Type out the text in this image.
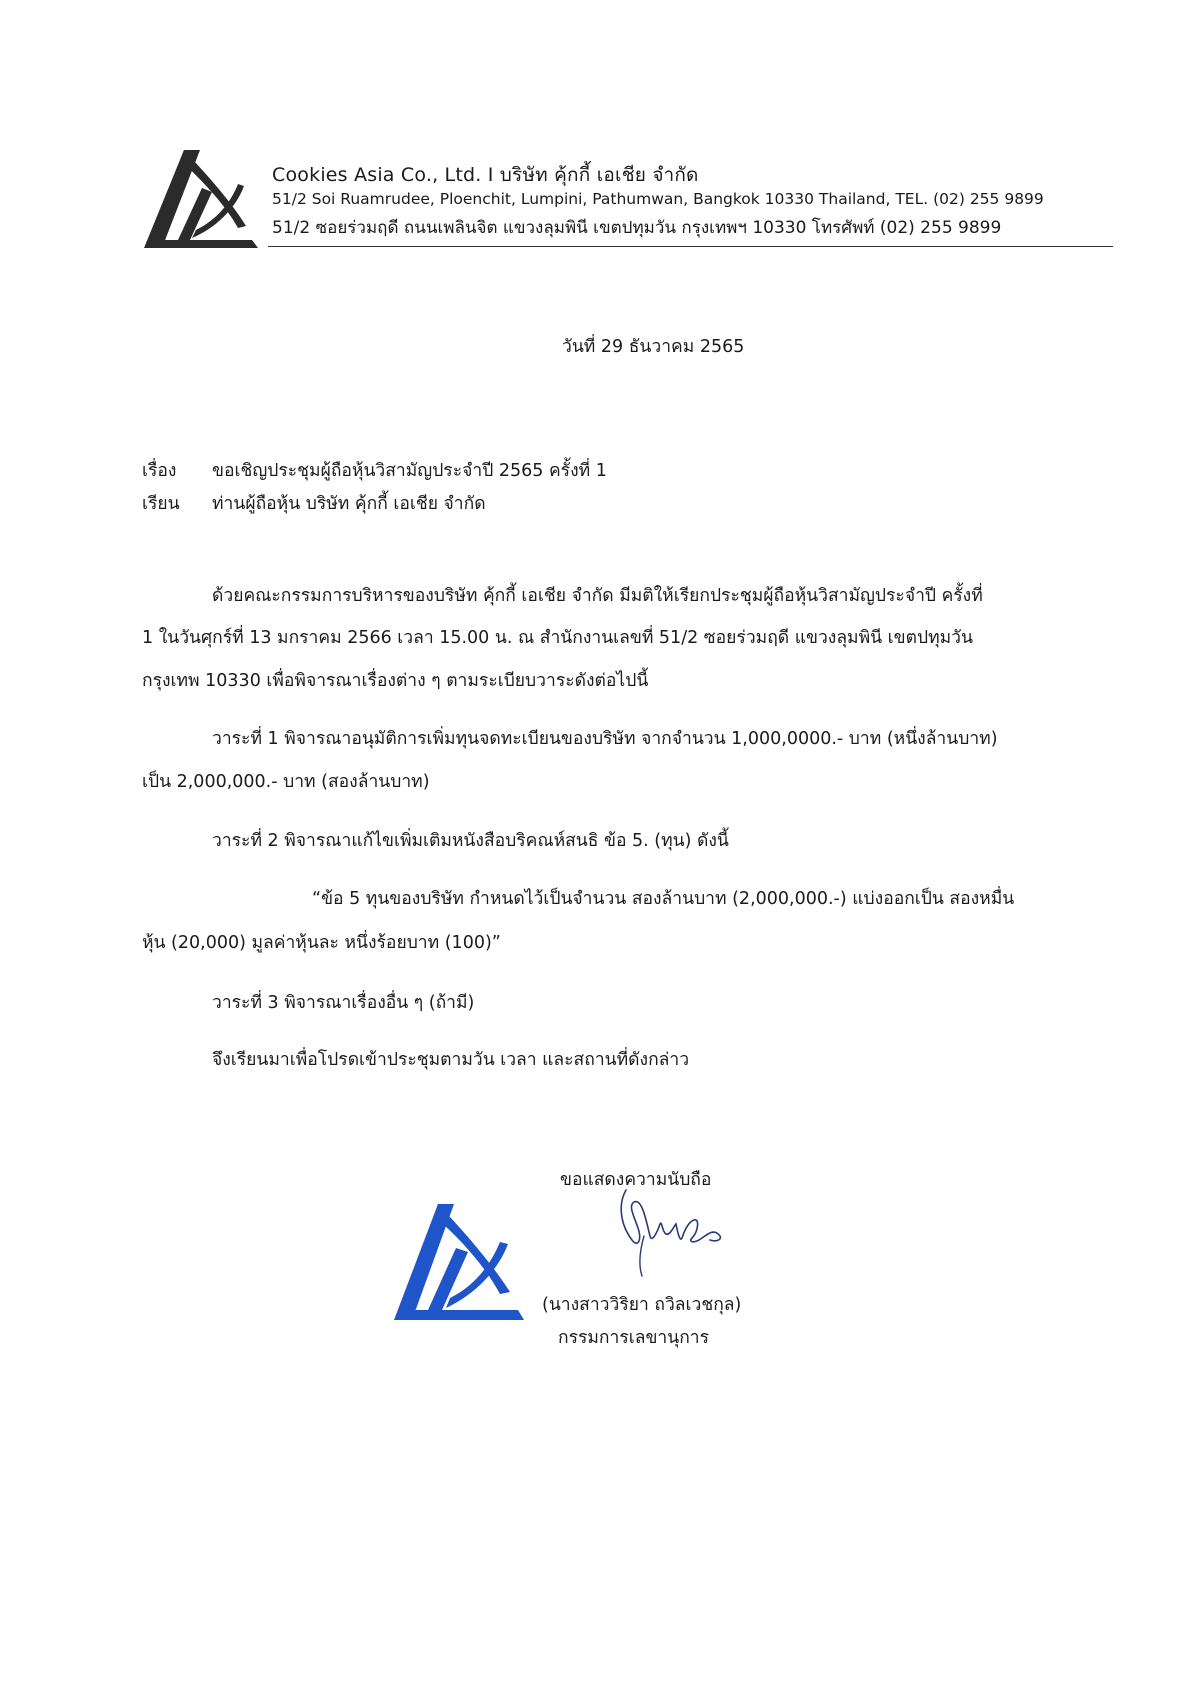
Cookies Asia Co., Ltd. I บริษัท คุ้กกี้ เอเชีย จำกัด
51/2 Soi Ruamrudee, Ploenchit, Lumpini, Pathumwan, Bangkok 10330 Thailand, TEL. (02) 255 9899
51/2 ซอยร่วมฤดี ถนนเพลินจิต แขวงลุมพินี เขตปทุมวัน กรุงเทพฯ 10330 โทรศัพท์ (02) 255 9899
วันที่ 29 ธันวาคม 2565
เรื่อง ขอเชิญประชุมผู้ถือหุ้นวิสามัญประจำปี 2565 ครั้งที่ 1
เรียน ท่านผู้ถือหุ้น บริษัท คุ้กกี้ เอเชีย จำกัด
ด้วยคณะกรรมการบริหารของบริษัท คุ้กกี้ เอเชีย จำกัด มีมติให้เรียกประชุมผู้ถือหุ้นวิสามัญประจำปี ครั้งที่
1 ในวันศุกร์ที่ 13 มกราคม 2566 เวลา 15.00 น. ณ สำนักงานเลขที่ 51/2 ซอยร่วมฤดี แขวงลุมพินี เขตปทุมวัน
กรุงเทพ 10330 เพื่อพิจารณาเรื่องต่าง ๆ ตามระเบียบวาระดังต่อไปนี้
วาระที่ 1 พิจารณาอนุมัติการเพิ่มทุนจดทะเบียนของบริษัท จากจำนวน 1,000,0000.- บาท (หนึ่งล้านบาท)
เป็น 2,000,000.- บาท (สองล้านบาท)
วาระที่ 2 พิจารณาแก้ไขเพิ่มเติมหนังสือบริคณห์สนธิ ข้อ 5. (ทุน) ดังนี้
“ข้อ 5 ทุนของบริษัท กำหนดไว้เป็นจำนวน สองล้านบาท (2,000,000.-) แบ่งออกเป็น สองหมื่น
หุ้น (20,000) มูลค่าหุ้นละ หนึ่งร้อยบาท (100)”
วาระที่ 3 พิจารณาเรื่องอื่น ๆ (ถ้ามี)
จึงเรียนมาเพื่อโปรดเข้าประชุมตามวัน เวลา และสถานที่ดังกล่าว
ขอแสดงความนับถือ
(นางสาววิริยา ถวิลเวชกุล)
กรรมการเลขานุการ
